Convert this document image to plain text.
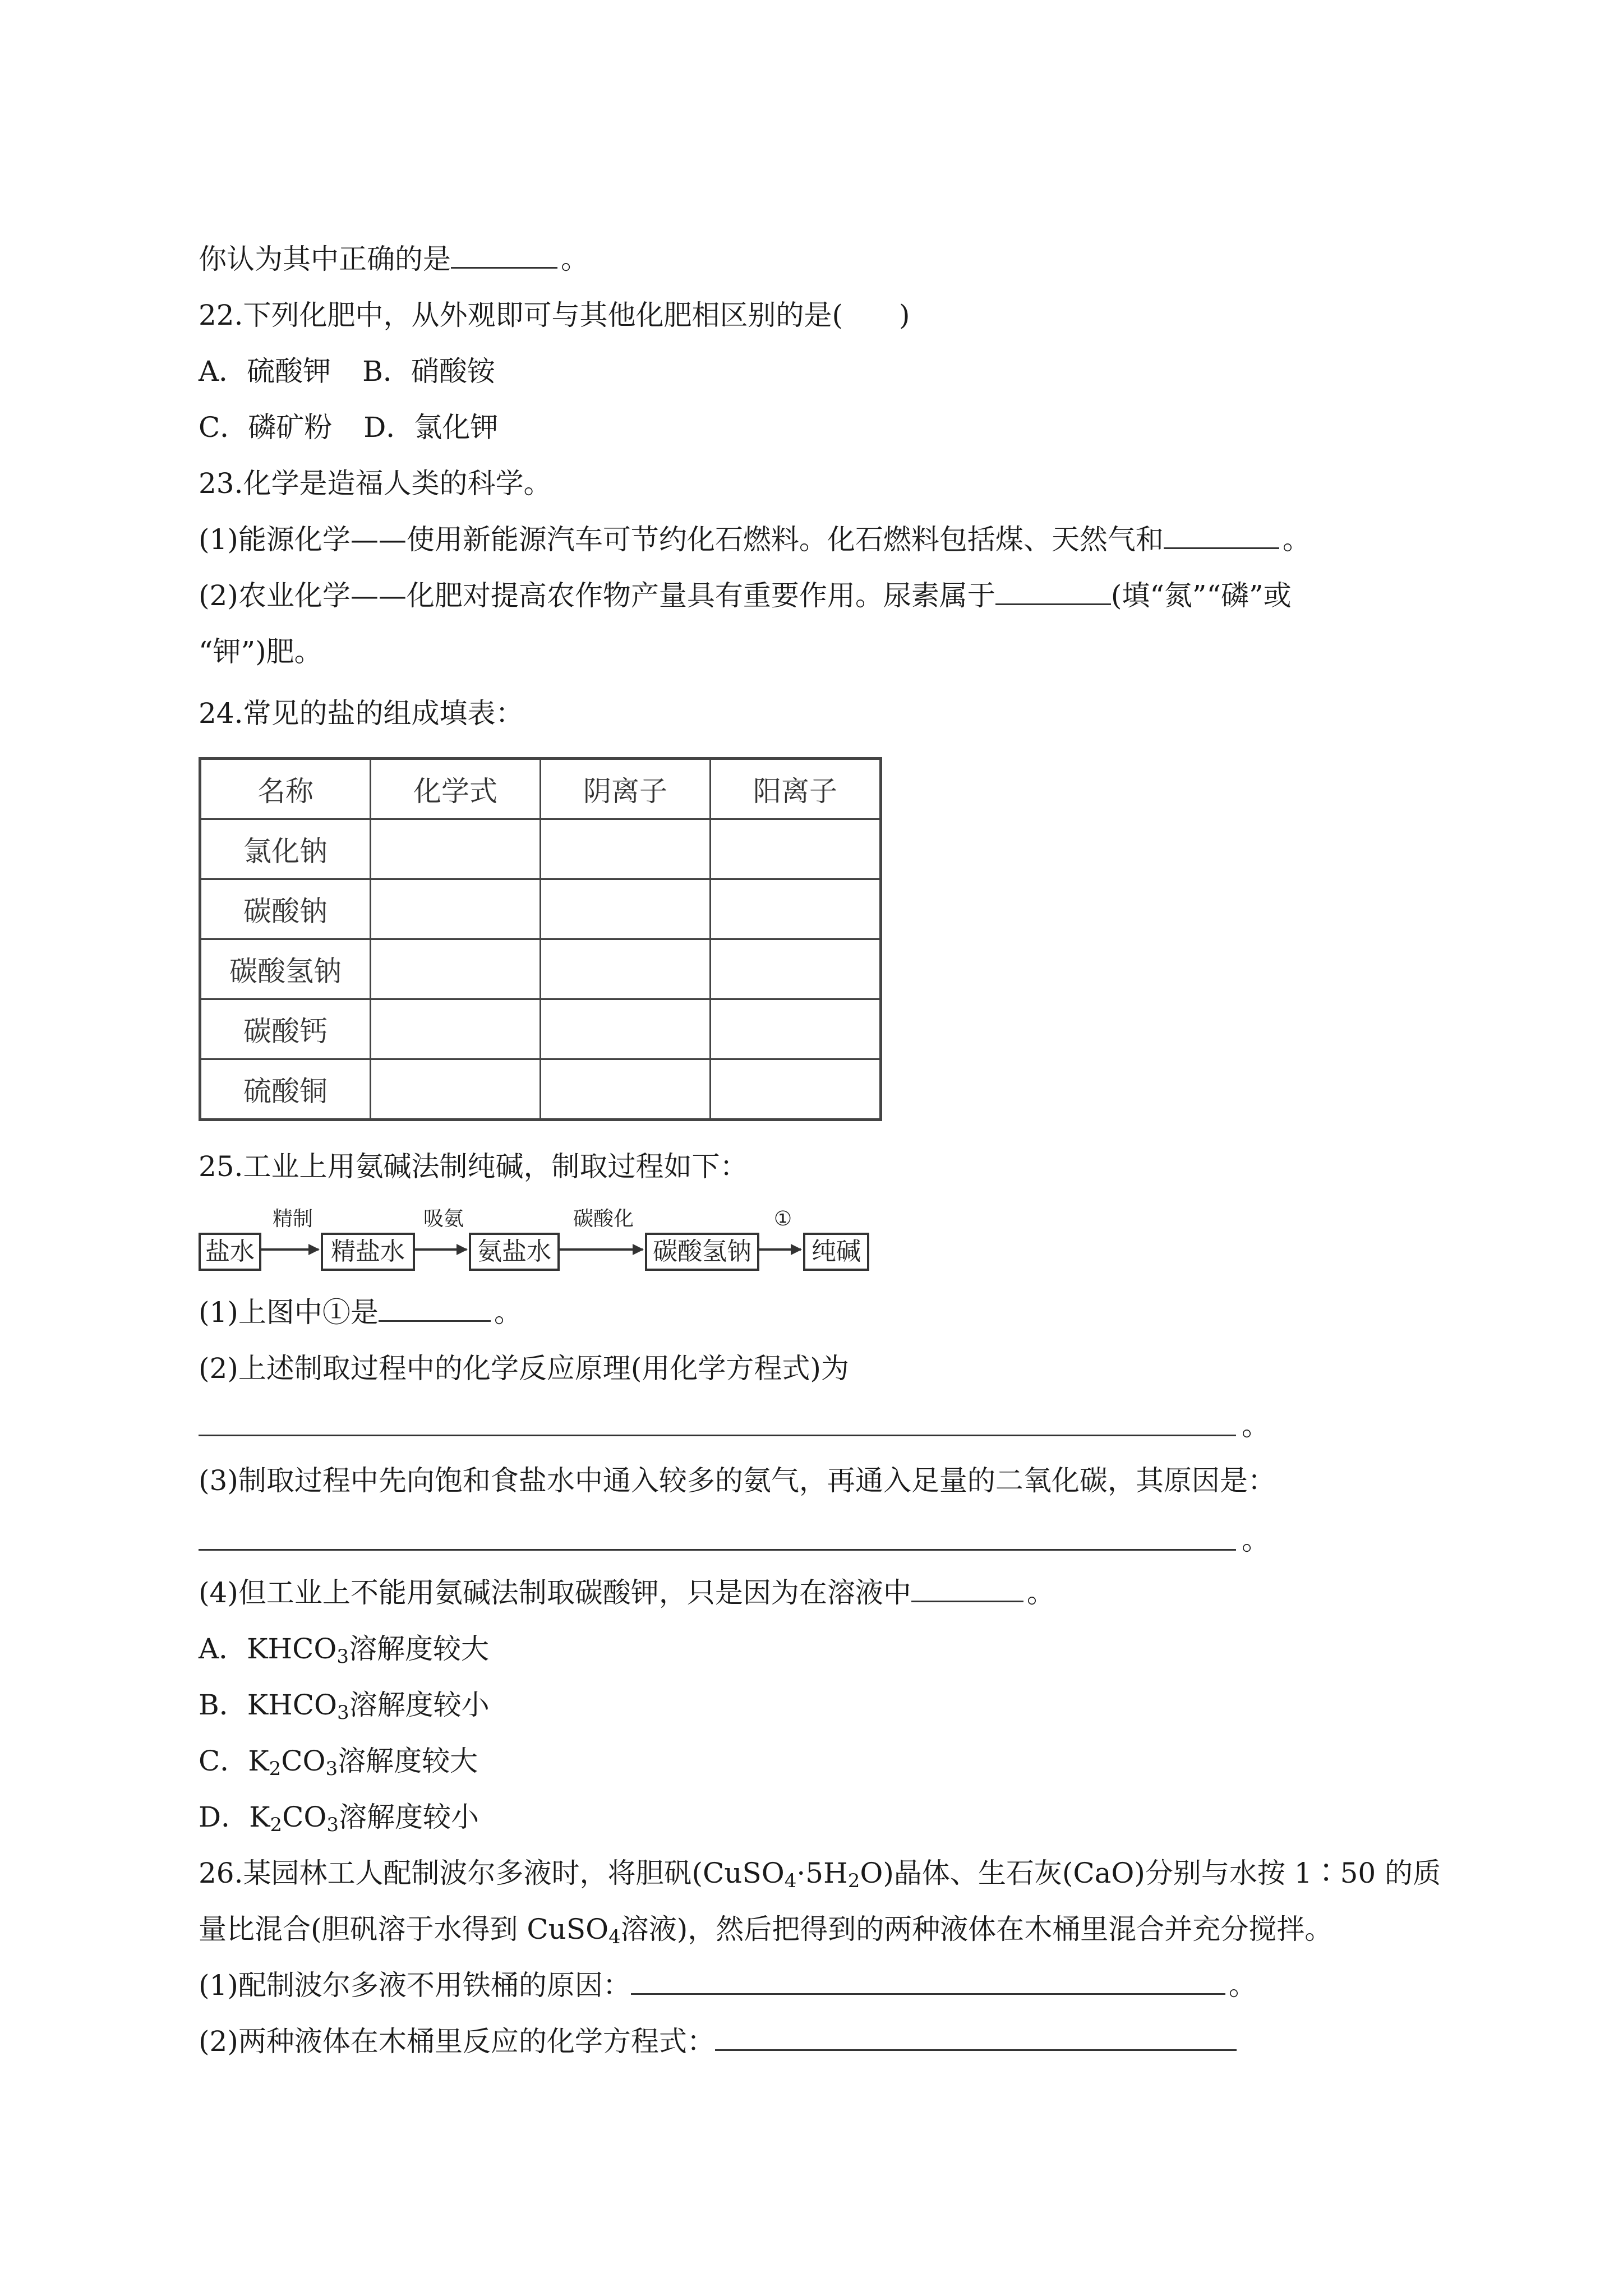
你认为其中正确的是	。
22.下列化肥中，从外观即可与其他化肥相区别的是(　　)
A．硫酸钾 B．硝酸铵
C．磷矿粉 D．氯化钾
23.化学是造福人类的科学。
(1)能源化学——使用新能源汽车可节约化石燃料。化石燃料包括煤、天然气和	。
(2)农业化学——化肥对提高农作物产量具有重要作用。尿素属于	(填“氮”“磷”或
“钾”)肥。
24.常见的盐的组成填表：
名称	化学式	阴离子	阳离子
氯化钠			
碳酸钠			
碳酸氢钠			
碳酸钙			
硫酸铜			
25.工业上用氨碱法制纯碱，制取过程如下：
盐水
精制
精盐水
吸氨
氨盐水
碳酸化
碳酸氢钠
①
纯碱
(1)上图中①是	。
(2)上述制取过程中的化学反应原理(用化学方程式)为
。
(3)制取过程中先向饱和食盐水中通入较多的氨气，再通入足量的二氧化碳，其原因是：
。
(4)但工业上不能用氨碱法制取碳酸钾，只是因为在溶液中	。
A．$KHCO_3$溶解度较大
B．$KHCO_3$溶解度较小
C．$K_2CO_3$溶解度较大
D．$K_2CO_3$溶解度较小
26.某园林工人配制波尔多液时，将胆矾$(CuSO_4\cdot 5H_2O)$晶体、生石灰(CaO)分别与水按 1∶50 的质
量比混合(胆矾溶于水得到 CuSO$_4$溶液)，然后把得到的两种液体在木桶里混合并充分搅拌。
(1)配制波尔多液不用铁桶的原因：	。
(2)两种液体在木桶里反应的化学方程式：
